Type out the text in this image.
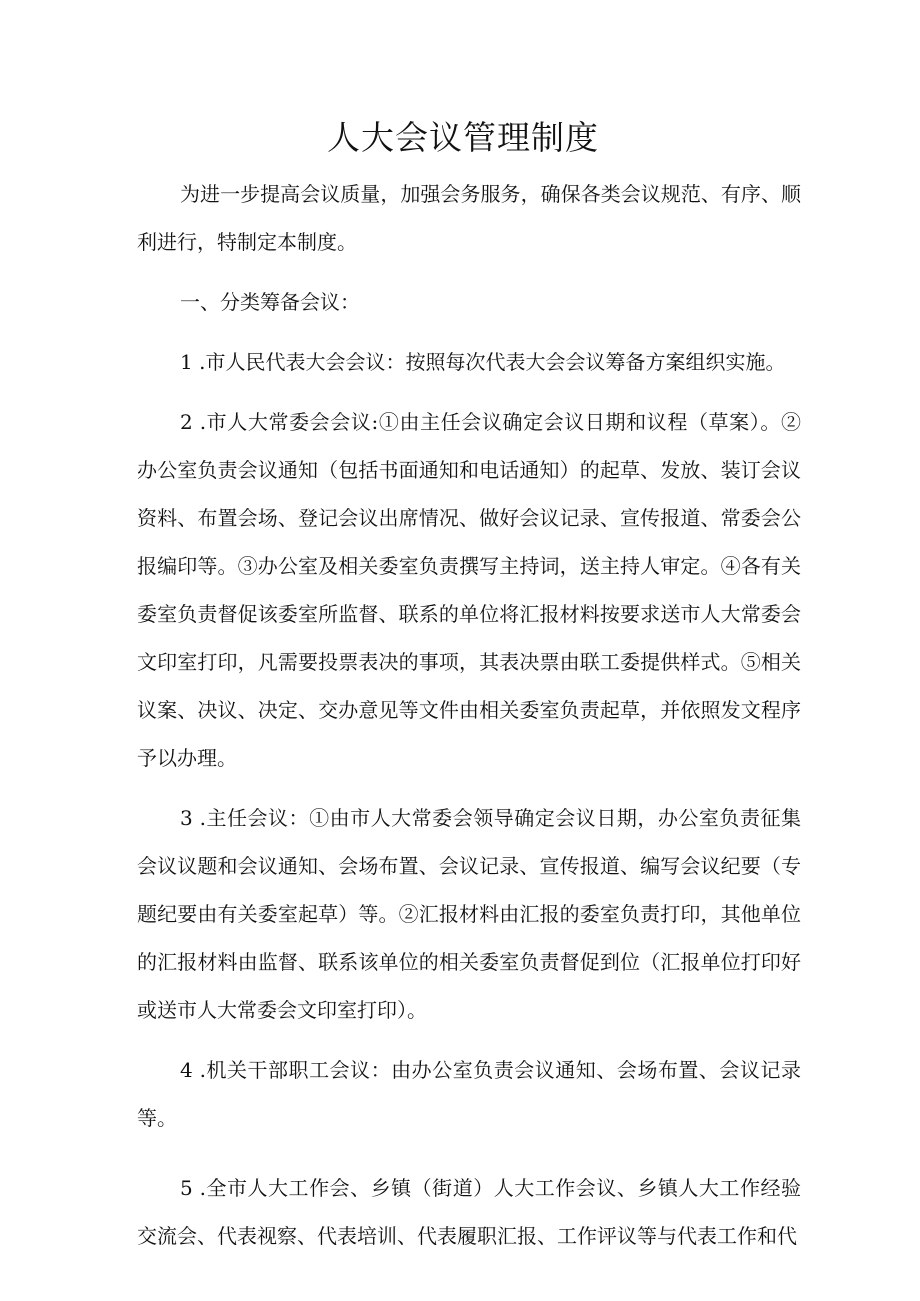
人大会议管理制度

为进一步提高会议质量，加强会务服务，确保各类会议规范、有序、顺利进行，特制定本制度。

一、分类筹备会议：

1 .市人民代表大会会议：按照每次代表大会会议筹备方案组织实施。

2 .市人大常委会会议:①由主任会议确定会议日期和议程（草案）。②办公室负责会议通知（包括书面通知和电话通知）的起草、发放、装订会议资料、布置会场、登记会议出席情况、做好会议记录、宣传报道、常委会公报编印等。③办公室及相关委室负责撰写主持词，送主持人审定。④各有关委室负责督促该委室所监督、联系的单位将汇报材料按要求送市人大常委会文印室打印，凡需要投票表决的事项，其表决票由联工委提供样式。⑤相关议案、决议、决定、交办意见等文件由相关委室负责起草，并依照发文程序予以办理。

3 .主任会议：①由市人大常委会领导确定会议日期，办公室负责征集会议议题和会议通知、会场布置、会议记录、宣传报道、编写会议纪要（专题纪要由有关委室起草）等。②汇报材料由汇报的委室负责打印，其他单位的汇报材料由监督、联系该单位的相关委室负责督促到位（汇报单位打印好或送市人大常委会文印室打印）。

4 .机关干部职工会议：由办公室负责会议通知、会场布置、会议记录等。

5 .全市人大工作会、乡镇（街道）人大工作会议、乡镇人大工作经验交流会、代表视察、代表培训、代表履职汇报、工作评议等与代表工作和代
